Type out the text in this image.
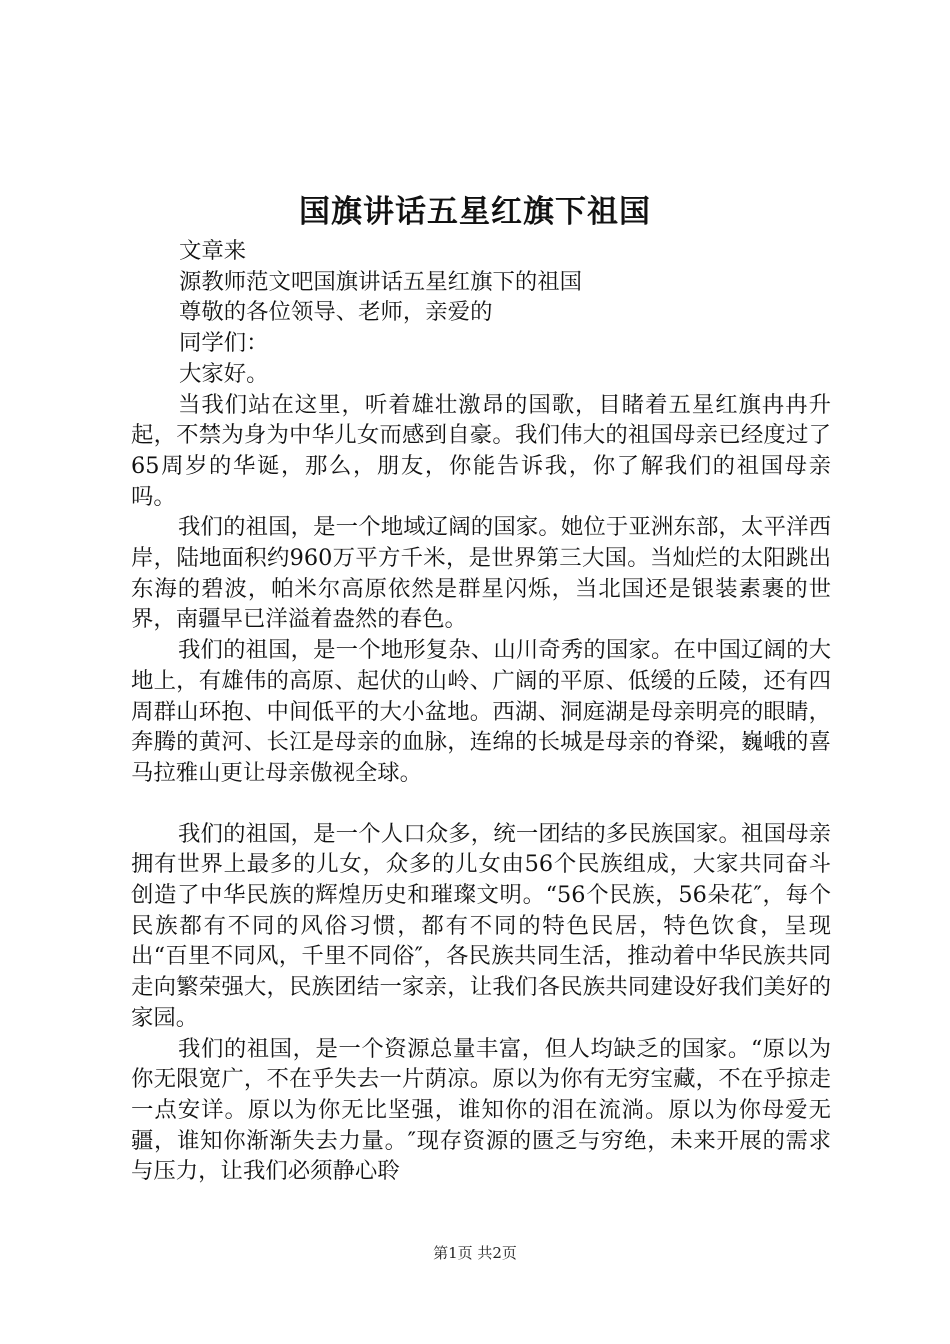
国旗讲话五星红旗下祖国
文章来
源教师范文吧国旗讲话五星红旗下的祖国
尊敬的各位领导、老师，亲爱的
同学们：
大家好。

当我们站在这里，听着雄壮激昂的国歌，目睹着五星红旗冉冉升起，不禁为身为中华儿女而感到自豪。我们伟大的祖国母亲已经度过了65周岁的华诞，那么，朋友，你能告诉我，你了解我们的祖国母亲吗。

我们的祖国，是一个地域辽阔的国家。她位于亚洲东部，太平洋西岸，陆地面积约960万平方千米，是世界第三大国。当灿烂的太阳跳出东海的碧波，帕米尔高原依然是群星闪烁，当北国还是银装素裹的世界，南疆早已洋溢着盎然的春色。

我们的祖国，是一个地形复杂、山川奇秀的国家。在中国辽阔的大地上，有雄伟的高原、起伏的山岭、广阔的平原、低缓的丘陵，还有四周群山环抱、中间低平的大小盆地。西湖、洞庭湖是母亲明亮的眼睛，奔腾的黄河、长江是母亲的血脉，连绵的长城是母亲的脊梁，巍峨的喜马拉雅山更让母亲傲视全球。

我们的祖国，是一个人口众多，统一团结的多民族国家。祖国母亲拥有世界上最多的儿女，众多的儿女由56个民族组成，大家共同奋斗创造了中华民族的辉煌历史和璀璨文明。“56个民族，56朵花″，每个民族都有不同的风俗习惯，都有不同的特色民居，特色饮食，呈现出“百里不同风，千里不同俗″，各民族共同生活，推动着中华民族共同走向繁荣强大，民族团结一家亲，让我们各民族共同建设好我们美好的家园。

我们的祖国，是一个资源总量丰富，但人均缺乏的国家。“原以为你无限宽广，不在乎失去一片荫凉。原以为你有无穷宝藏，不在乎掠走一点安详。原以为你无比坚强，谁知你的泪在流淌。原以为你母爱无疆，谁知你渐渐失去力量。″现存资源的匮乏与穷绝，未来开展的需求与压力，让我们必须静心聆

第1页 共2页
